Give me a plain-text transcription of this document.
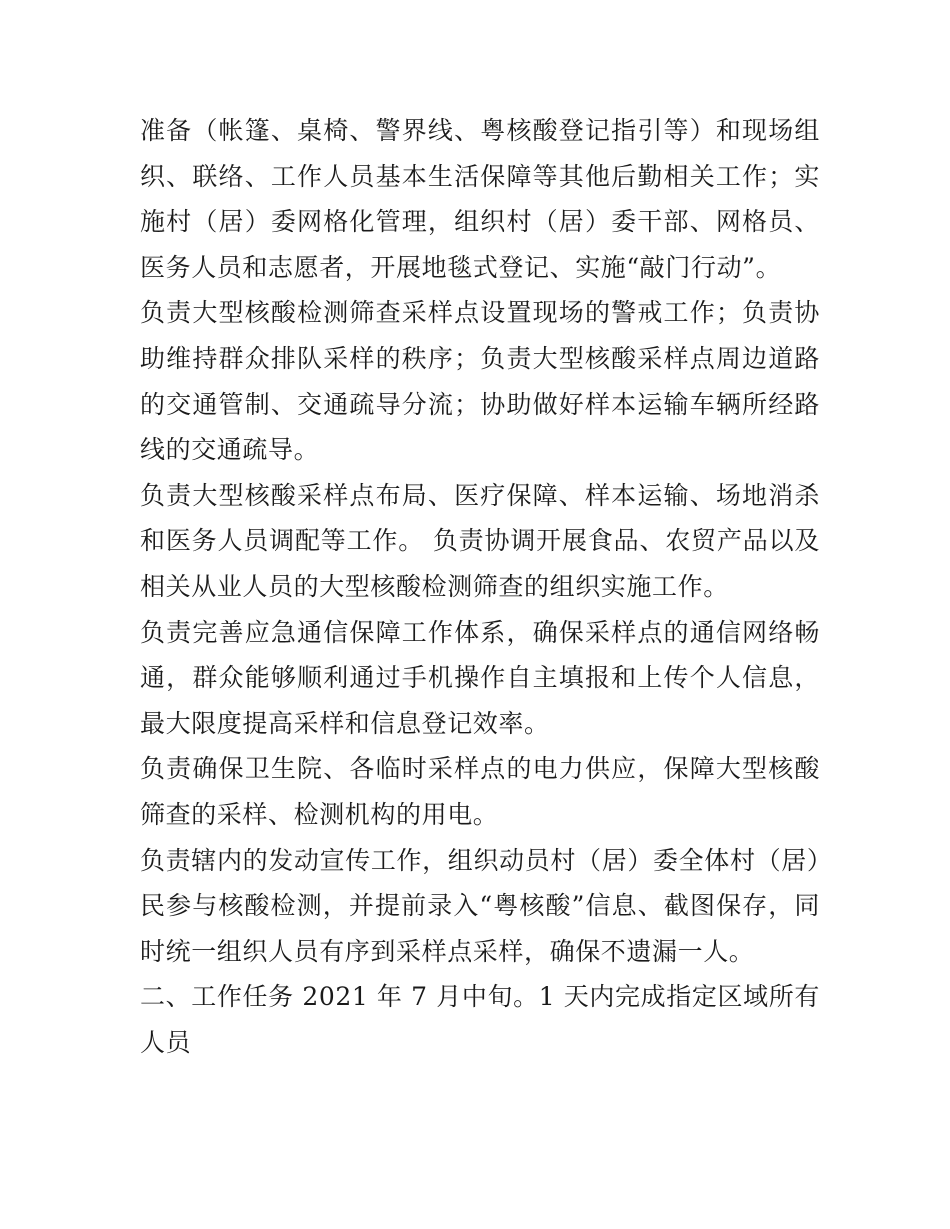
准备（帐篷、桌椅、警界线、粤核酸登记指引等）和现场组织、联络、工作人员基本生活保障等其他后勤相关工作；实施村（居）委网格化管理，组织村（居）委干部、网格员、医务人员和志愿者，开展地毯式登记、实施“敲门行动”。

负责大型核酸检测筛查采样点设置现场的警戒工作；负责协助维持群众排队采样的秩序；负责大型核酸采样点周边道路的交通管制、交通疏导分流；协助做好样本运输车辆所经路线的交通疏导。

负责大型核酸采样点布局、医疗保障、样本运输、场地消杀和医务人员调配等工作。 负责协调开展食品、农贸产品以及相关从业人员的大型核酸检测筛查的组织实施工作。

负责完善应急通信保障工作体系，确保采样点的通信网络畅通，群众能够顺利通过手机操作自主填报和上传个人信息，最大限度提高采样和信息登记效率。

负责确保卫生院、各临时采样点的电力供应，保障大型核酸筛查的采样、检测机构的用电。

负责辖内的发动宣传工作，组织动员村（居）委全体村（居）民参与核酸检测，并提前录入“粤核酸”信息、截图保存，同时统一组织人员有序到采样点采样，确保不遗漏一人。

二、工作任务 2021 年 7 月中旬。1 天内完成指定区域所有人员
